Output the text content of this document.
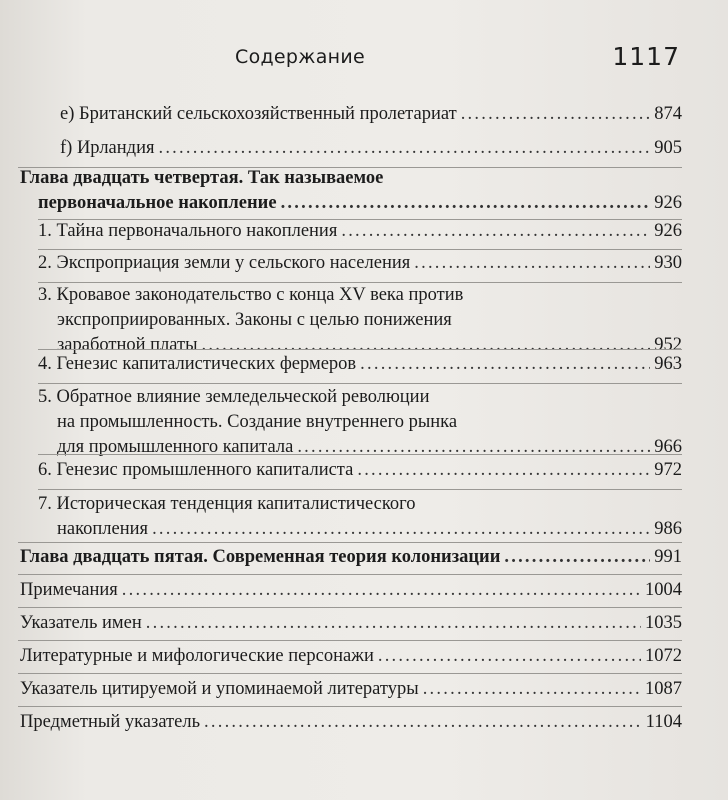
Содержание	1117
e) Британский сельскохозяйственный пролетариат . . .	874
f) Ирландия . . .	905
Глава двадцать четвертая. Так называемое
первоначальное накопление . . .	926
1. Тайна первоначального накопления . . .	926
2. Экспроприация земли у сельского населения . . .	930
3. Кровавое законодательство с конца XV века против
экспроприированных. Законы с целью понижения
заработной платы . . .	952
4. Генезис капиталистических фермеров . . .	963
5. Обратное влияние земледельческой революции
на промышленность. Создание внутреннего рынка
для промышленного капитала . . .	966
6. Генезис промышленного капиталиста . . .	972
7. Историческая тенденция капиталистического
накопления . . .	986
Глава двадцать пятая. Современная теория колонизации . . .	991
Примечания . . .	1004
Указатель имен . . .	1035
Литературные и мифологические персонажи . . .	1072
Указатель цитируемой и упоминаемой литературы . . .	1087
Предметный указатель . . .	1104
